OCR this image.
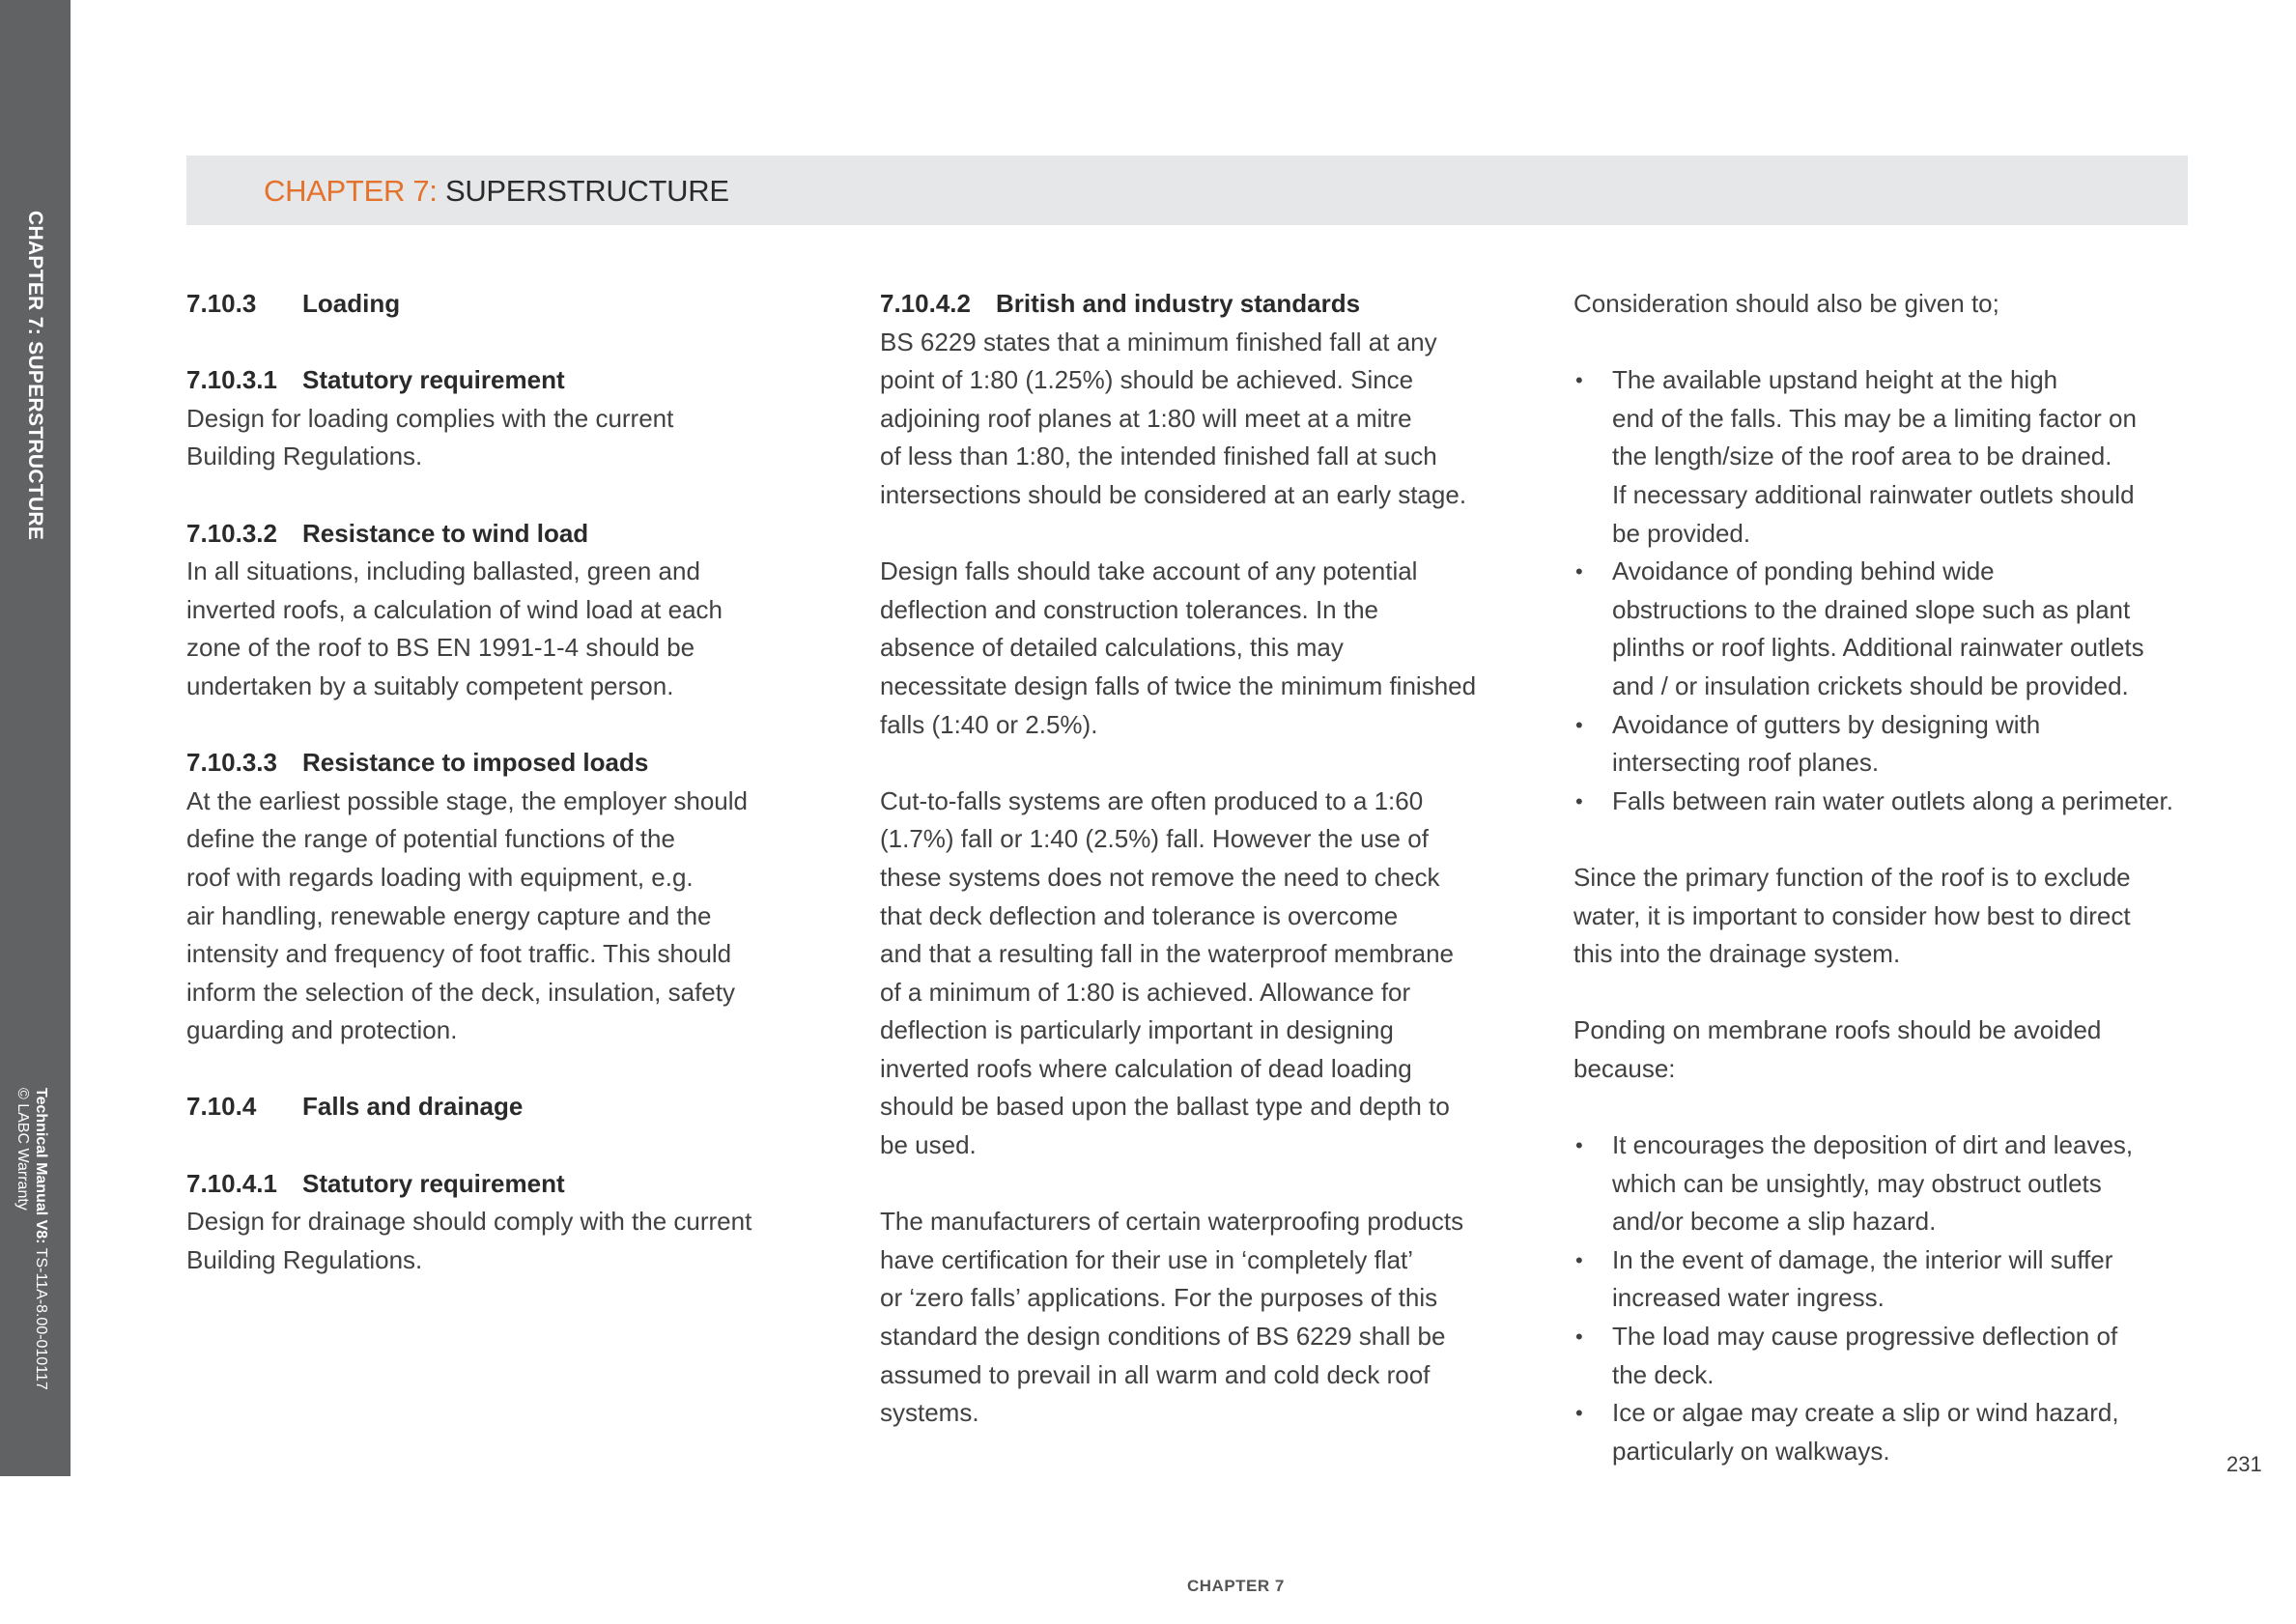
CHAPTER 7: SUPERSTRUCTURE
Technical Manual V8: TS-11A-8.00-010117
© LABC Warranty
CHAPTER 7: SUPERSTRUCTURE
7.10.3 Loading
7.10.3.1 Statutory requirement
Design for loading complies with the current
Building Regulations.
7.10.3.2 Resistance to wind load
In all situations, including ballasted, green and
inverted roofs, a calculation of wind load at each
zone of the roof to BS EN 1991-1-4 should be
undertaken by a suitably competent person.
7.10.3.3 Resistance to imposed loads
At the earliest possible stage, the employer should
define the range of potential functions of the
roof with regards loading with equipment, e.g.
air handling, renewable energy capture and the
intensity and frequency of foot traffic. This should
inform the selection of the deck, insulation, safety
guarding and protection.
7.10.4 Falls and drainage
7.10.4.1 Statutory requirement
Design for drainage should comply with the current
Building Regulations.
7.10.4.2 British and industry standards
BS 6229 states that a minimum finished fall at any
point of 1:80 (1.25%) should be achieved. Since
adjoining roof planes at 1:80 will meet at a mitre
of less than 1:80, the intended finished fall at such
intersections should be considered at an early stage.
Design falls should take account of any potential
deflection and construction tolerances. In the
absence of detailed calculations, this may
necessitate design falls of twice the minimum finished
falls (1:40 or 2.5%).
Cut-to-falls systems are often produced to a 1:60
(1.7%) fall or 1:40 (2.5%) fall. However the use of
these systems does not remove the need to check
that deck deflection and tolerance is overcome
and that a resulting fall in the waterproof membrane
of a minimum of 1:80 is achieved. Allowance for
deflection is particularly important in designing
inverted roofs where calculation of dead loading
should be based upon the ballast type and depth to
be used.
The manufacturers of certain waterproofing products
have certification for their use in ‘completely flat’
or ‘zero falls’ applications. For the purposes of this
standard the design conditions of BS 6229 shall be
assumed to prevail in all warm and cold deck roof
systems.
Consideration should also be given to;
• The available upstand height at the high
end of the falls. This may be a limiting factor on
the length/size of the roof area to be drained.
If necessary additional rainwater outlets should
be provided.
• Avoidance of ponding behind wide
obstructions to the drained slope such as plant
plinths or roof lights. Additional rainwater outlets
and / or insulation crickets should be provided.
• Avoidance of gutters by designing with
intersecting roof planes.
• Falls between rain water outlets along a perimeter.
Since the primary function of the roof is to exclude
water, it is important to consider how best to direct
this into the drainage system.
Ponding on membrane roofs should be avoided
because:
• It encourages the deposition of dirt and leaves,
which can be unsightly, may obstruct outlets
and/or become a slip hazard.
• In the event of damage, the interior will suffer
increased water ingress.
• The load may cause progressive deflection of
the deck.
• Ice or algae may create a slip or wind hazard,
particularly on walkways.	231
CHAPTER 7
